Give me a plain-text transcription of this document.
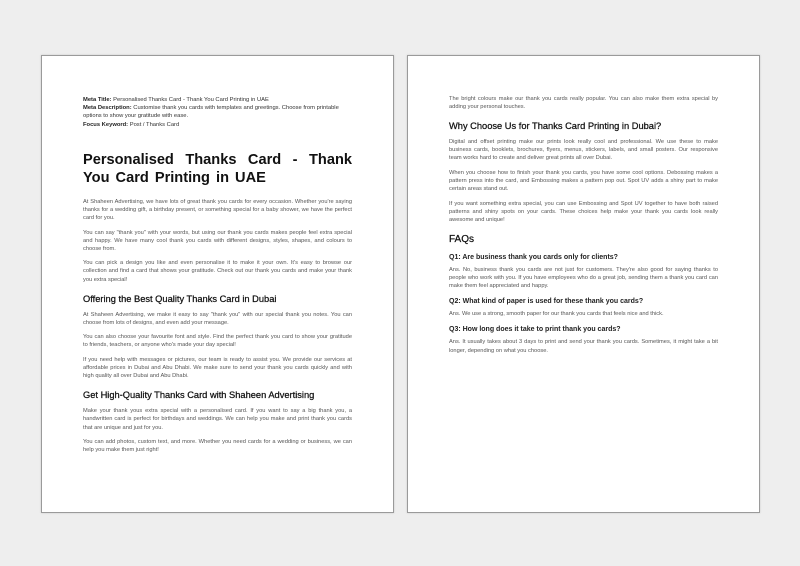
Meta Title: Personalised Thanks Card - Thank You Card Printing in UAE
Meta Description: Customise thank you cards with templates and greetings. Choose from printable options to show your gratitude with ease.
Focus Keyword: Post / Thanks Card
Personalised Thanks Card - Thank You Card Printing in UAE

At Shaheen Advertising, we have lots of great thank you cards for every occasion. Whether you're saying thanks for a wedding gift, a birthday present, or something special for a baby shower, we have the perfect card for you.

You can say "thank you" with your words, but using our thank you cards makes people feel extra special and happy. We have many cool thank you cards with different designs, styles, shapes, and colours to choose from.

You can pick a design you like and even personalise it to make it your own. It's easy to browse our collection and find a card that shows your gratitude. Check out our thank you cards and make your thank you extra special!

Offering the Best Quality Thanks Card in Dubai

At Shaheen Advertising, we make it easy to say "thank you" with our special thank you notes. You can choose from lots of designs, and even add your message.

You can also choose your favourite font and style. Find the perfect thank you card to show your gratitude to friends, teachers, or anyone who's made your day special!

If you need help with messages or pictures, our team is ready to assist you. We provide our services at affordable prices in Dubai and Abu Dhabi. We make sure to send your thank you cards quickly and with high quality all over Dubai and Abu Dhabi.

Get High-Quality Thanks Card with Shaheen Advertising

Make your thank yous extra special with a personalised card. If you want to say a big thank you, a handwritten card is perfect for birthdays and weddings. We can help you make and print thank you cards that are unique and just for you.

You can add photos, custom text, and more. Whether you need cards for a wedding or business, we can help you make them just right!

The bright colours make our thank you cards really popular. You can also make them extra special by adding your personal touches.

Why Choose Us for Thanks Card Printing in Dubai?

Digital and offset printing make our prints look really cool and professional. We use these to make business cards, booklets, brochures, flyers, menus, stickers, labels, and small posters. Our responsive team works hard to create and deliver great prints all over Dubai.

When you choose how to finish your thank you cards, you have some cool options. Debossing makes a pattern press into the card, and Embossing makes a pattern pop out. Spot UV adds a shiny part to make certain areas stand out.

If you want something extra special, you can use Embossing and Spot UV together to have both raised patterns and shiny spots on your cards. These choices help make your thank you cards look really awesome and unique!

FAQs
Q1: Are business thank you cards only for clients?

Ans. No, business thank you cards are not just for customers. They're also good for saying thanks to people who work with you. If you have employees who do a great job, sending them a thank you card can make them feel appreciated and happy.

Q2: What kind of paper is used for these thank you cards?

Ans. We use a strong, smooth paper for our thank you cards that feels nice and thick.

Q3: How long does it take to print thank you cards?

Ans. It usually takes about 3 days to print and send your thank you cards. Sometimes, it might take a bit longer, depending on what you choose.
